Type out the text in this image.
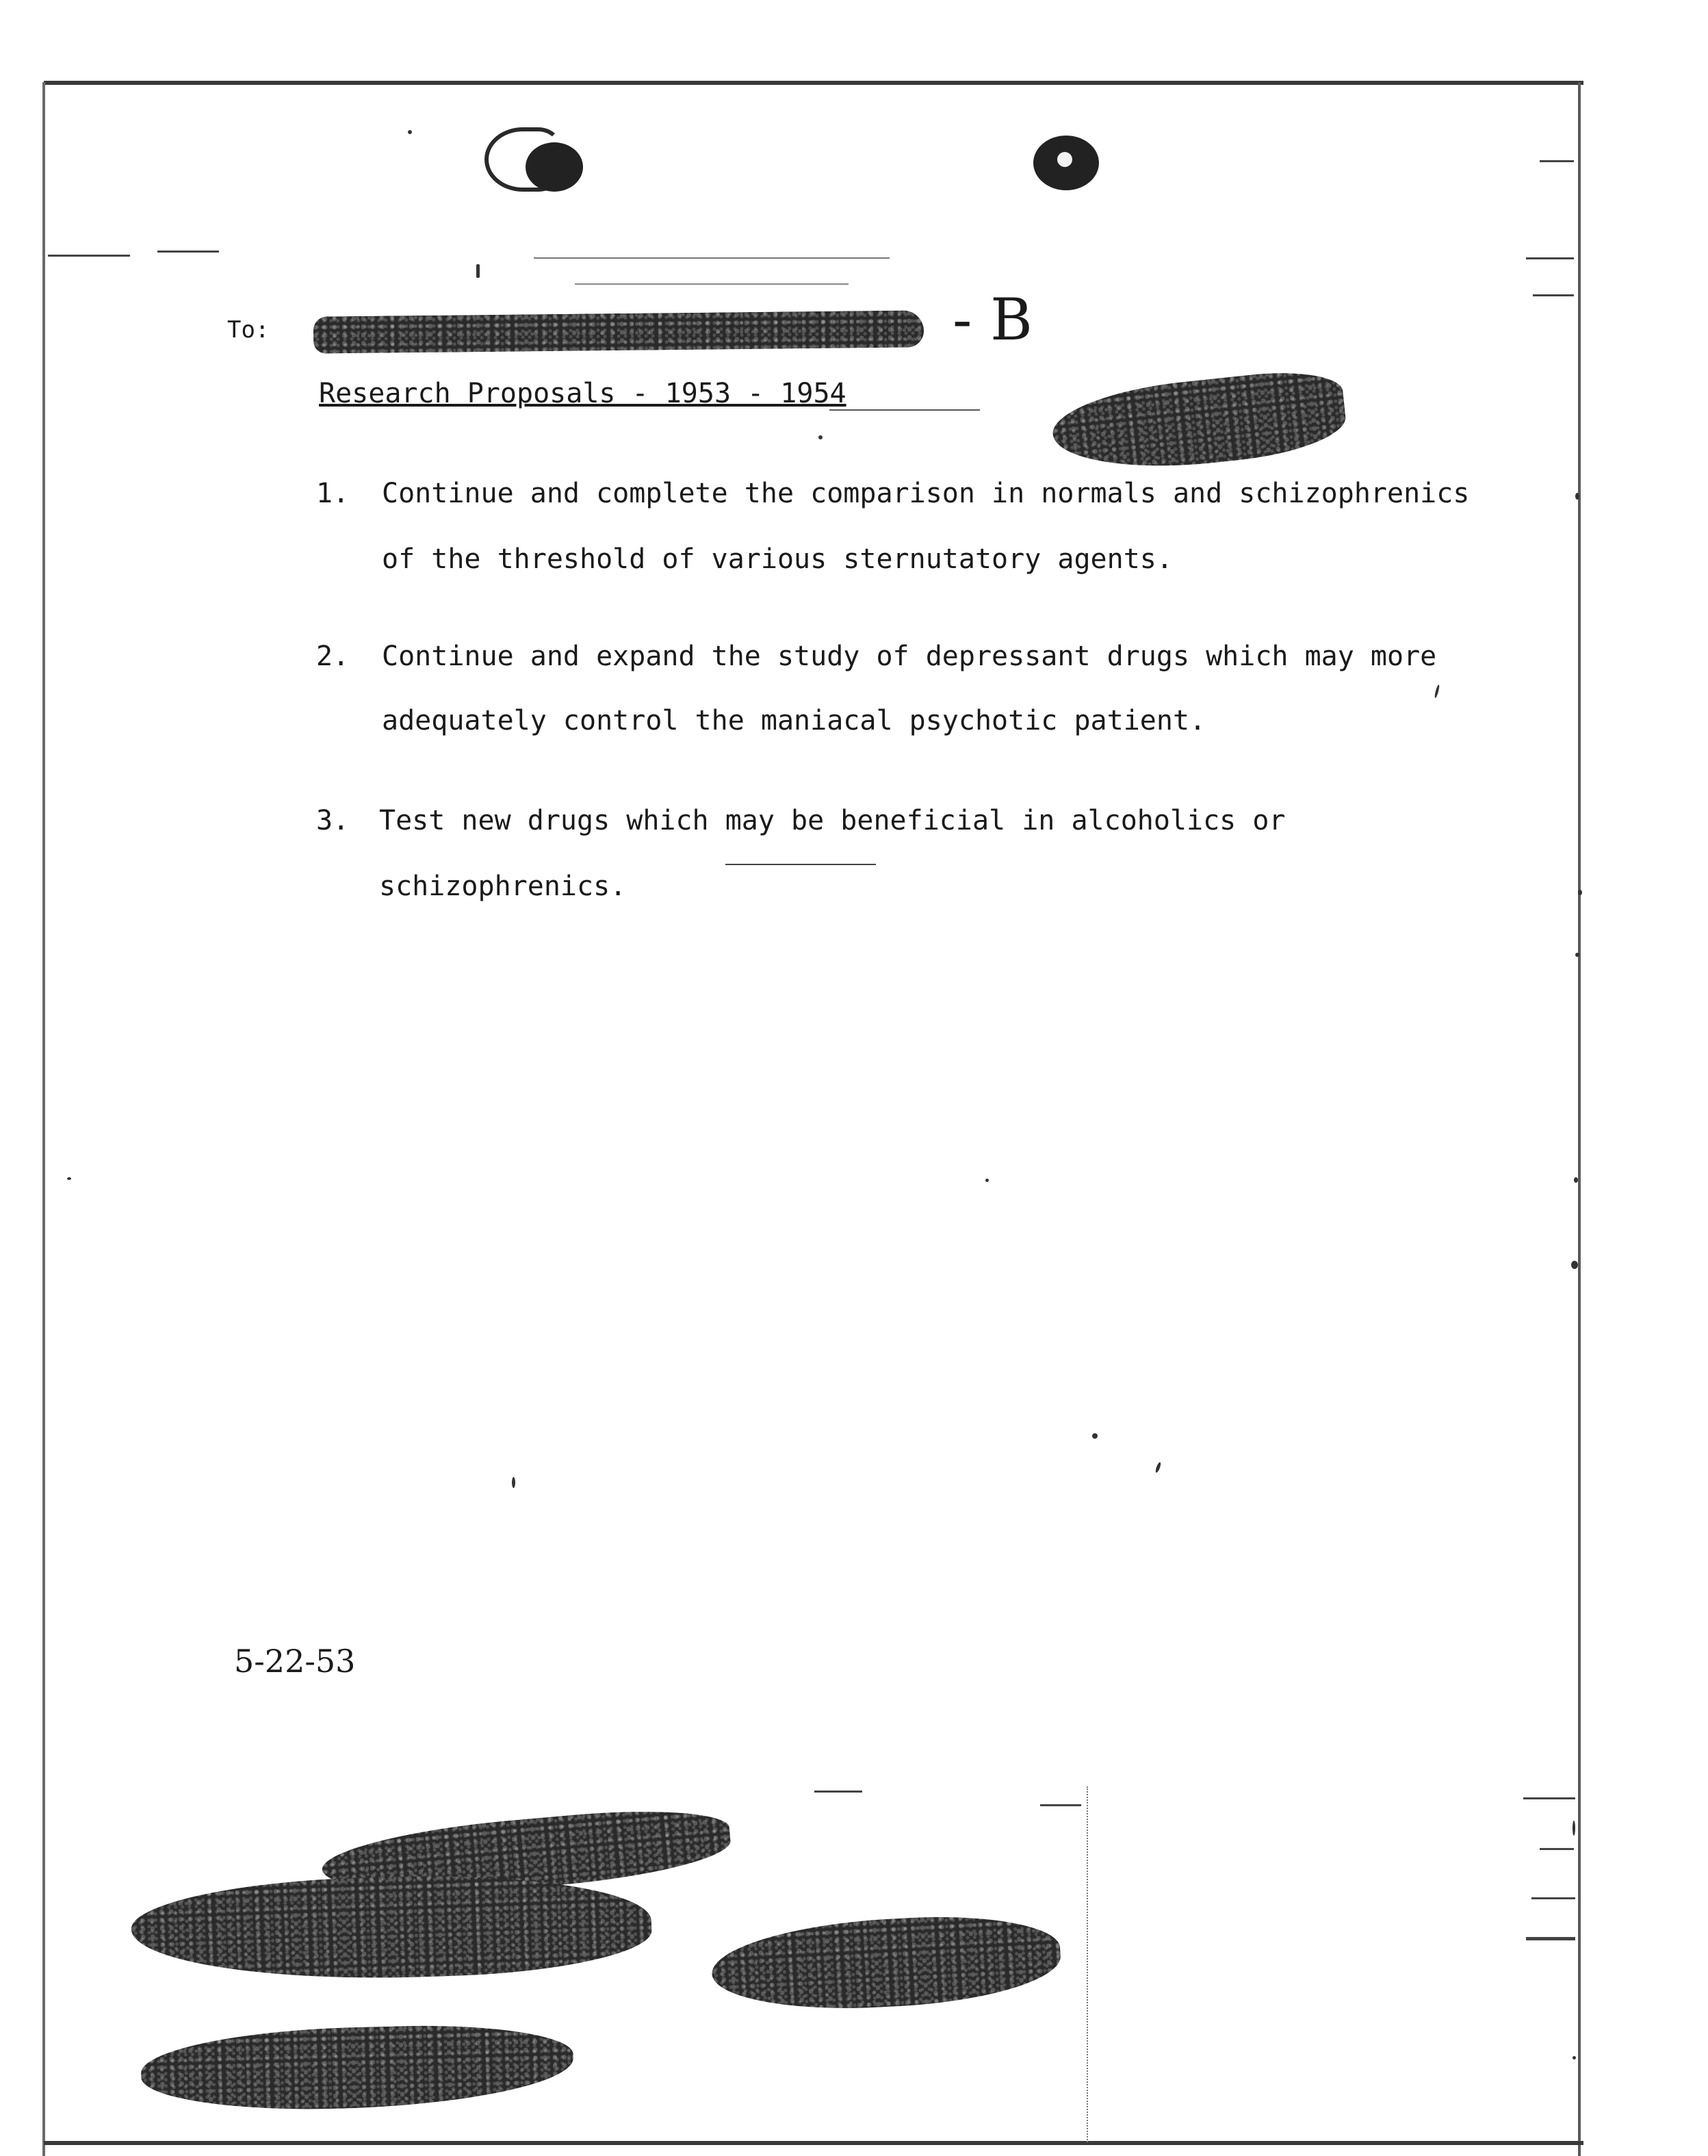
To:	- B
Research Proposals - 1953 - 1954
1. Continue and complete the comparison in normals and schizophrenics
of the threshold of various sternutatory agents.
2. Continue and expand the study of depressant drugs which may more
adequately control the maniacal psychotic patient.
3. Test new drugs which may be beneficial in alcoholics or
schizophrenics.
5-22-53
